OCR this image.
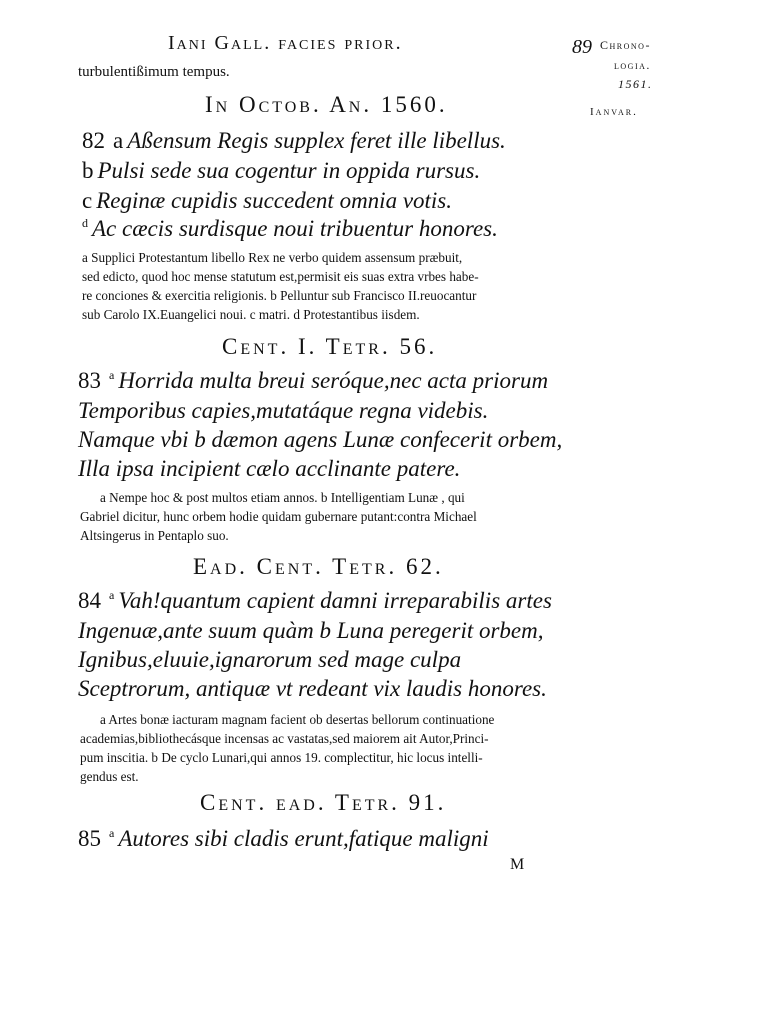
Iani Gall. facies prior.	89 Chrono-
logia.
1561.
Ianvar.
turbulentißimum tempus.
In Octob. An. 1560.
82 a Aßensum Regis supplex feret ille libellus.
b Pulsi sede sua cogentur in oppida rursus.
c Reginæ cupidis succedent omnia votis.
$^d$ Ac cæcis surdisque noui tribuentur honores.
a Supplici Protestantum libello Rex ne verbo quidem assensum præbuit,
sed edicto, quod hoc mense statutum est,permisit eis suas extra vrbes habe-
re conciones & exercitia religionis. b Pelluntur sub Francisco II.reuocantur
sub Carolo IX.Euangelici noui. c matri. d Protestantibus iisdem.
Cent. I. Tetr. 56.
83 $^a$ Horrida multa breui seróque,nec acta priorum
Temporibus capies,mutatáque regna videbis.
Namque vbi b dæmon agens Lunæ confecerit orbem,
Illa ipsa incipient cælo acclinante patere.
a Nempe hoc & post multos etiam annos. b Intelligentiam Lunæ , qui
Gabriel dicitur, hunc orbem hodie quidam gubernare putant:contra Michael
Altsingerus in Pentaplo suo.
Ead. Cent. Tetr. 62.
84 $^a$ Vah!quantum capient damni irreparabilis artes
Ingenuæ,ante suum quàm b Luna peregerit orbem,
Ignibus,eluuie,ignarorum sed mage culpa
Sceptrorum, antiquæ vt redeant vix laudis honores.
a Artes bonæ iacturam magnam facient ob desertas bellorum continuatione
academias,bibliothecásque incensas ac vastatas,sed maiorem ait Autor,Princi-
pum inscitia. b De cyclo Lunari,qui annos 19. complectitur, hic locus intelli-
gendus est.
Cent. ead. Tetr. 91.
85 $^a$ Autores sibi cladis erunt,fatique maligni
M
